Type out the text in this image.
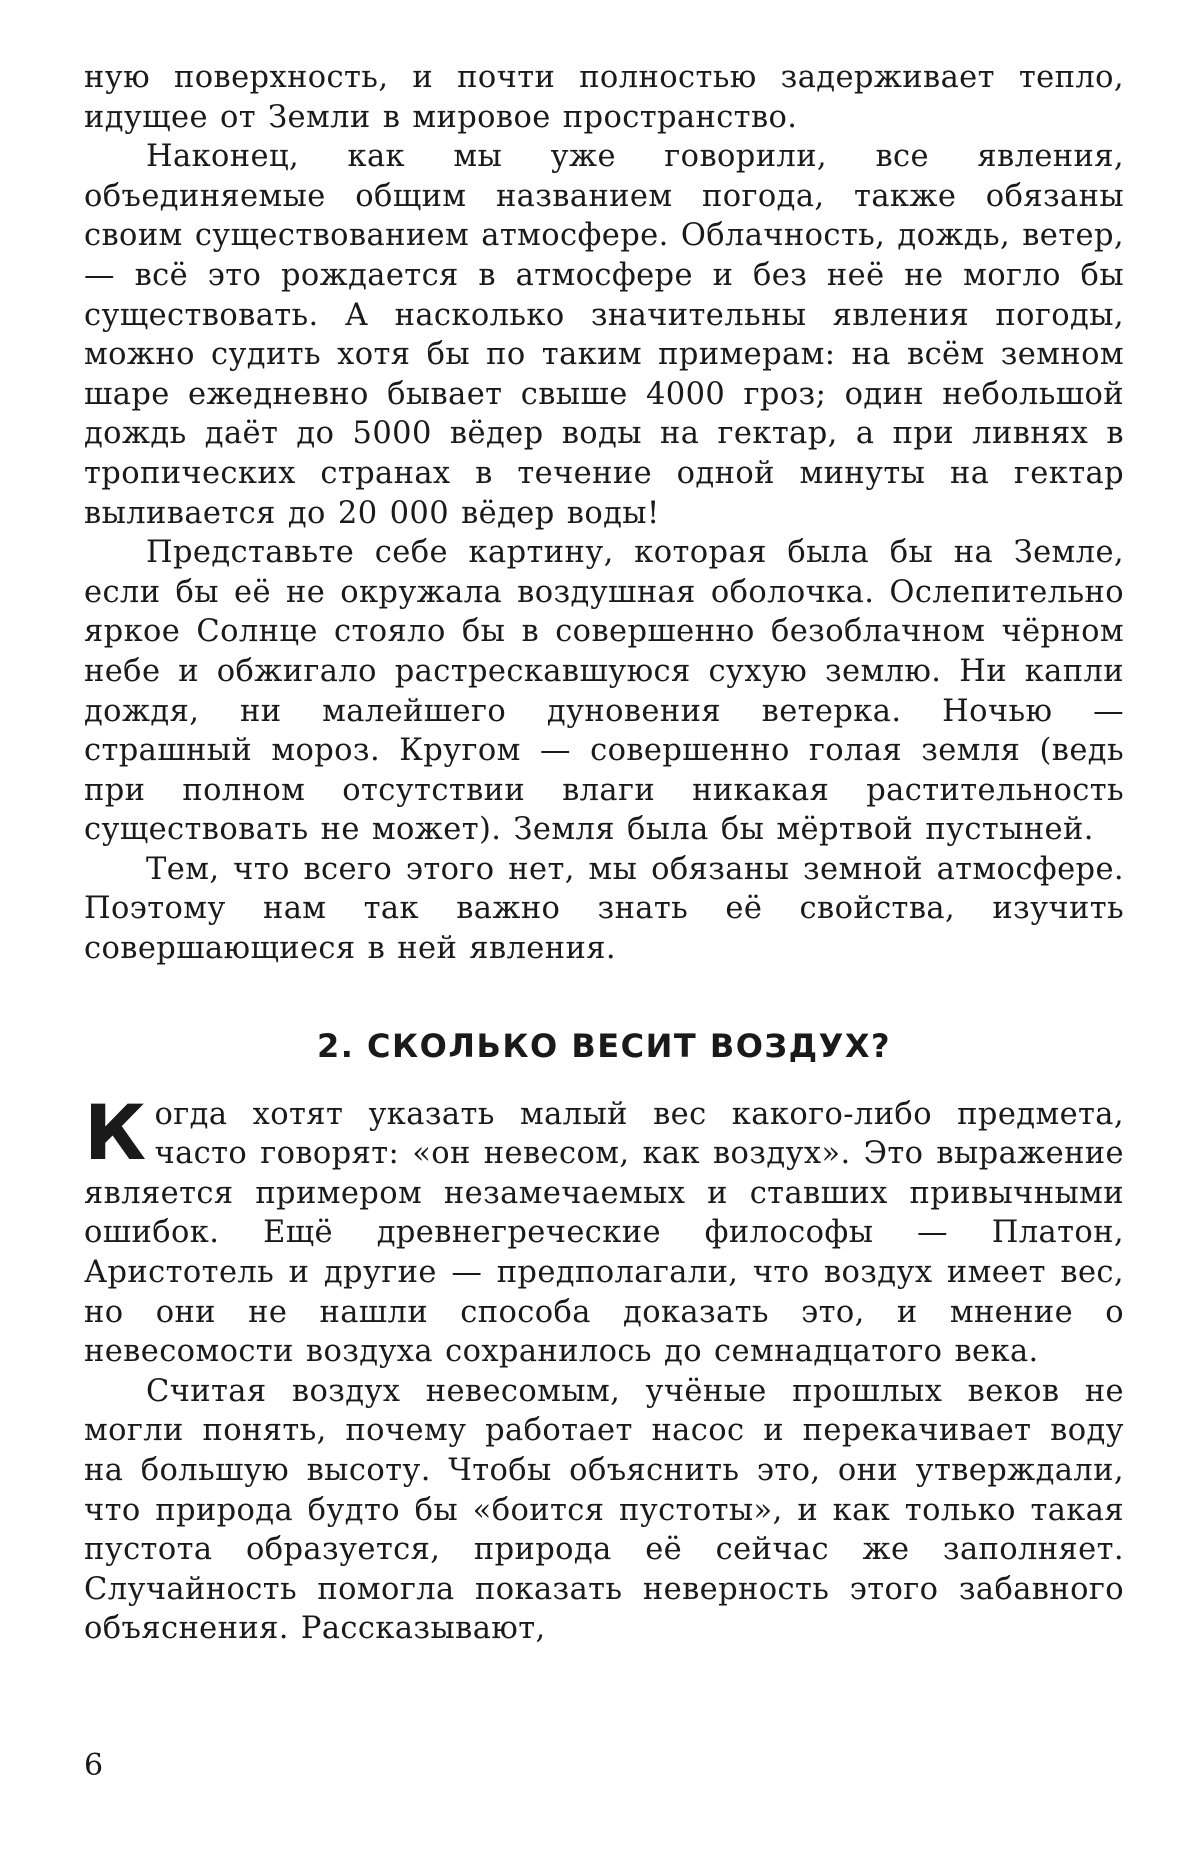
ную поверхность, и почти полностью задерживает тепло, идущее от Земли в мировое пространство.

Наконец, как мы уже говорили, все явления, объединяемые общим названием погода, также обязаны своим существованием атмосфере. Облачность, дождь, ветер, — всё это рождается в атмосфере и без неё не могло бы существовать. А насколько значительны явления погоды, можно судить хотя бы по таким примерам: на всём земном шаре ежедневно бывает свыше 4000 гроз; один небольшой дождь даёт до 5000 вёдер воды на гектар, а при ливнях в тропических странах в течение одной минуты на гектар выливается до 20 000 вёдер воды!

Представьте себе картину, которая была бы на Земле, если бы её не окружала воздушная оболочка. Ослепительно яркое Солнце стояло бы в совершенно безоблачном чёрном небе и обжигало растрескавшуюся сухую землю. Ни капли дождя, ни малейшего дуновения ветерка. Ночью — страшный мороз. Кругом — совершенно голая земля (ведь при полном отсутствии влаги никакая растительность существовать не может). Земля была бы мёртвой пустыней.

Тем, что всего этого нет, мы обязаны земной атмосфере. Поэтому нам так важно знать её свойства, изучить совершающиеся в ней явления.

2. СКОЛЬКО ВЕСИТ ВОЗДУХ?

Когда хотят указать малый вес какого-либо предмета, часто говорят: «он невесом, как воздух». Это выражение является примером незамечаемых и ставших привычными ошибок. Ещё древнегреческие философы — Платон, Аристотель и другие — предполагали, что воздух имеет вес, но они не нашли способа доказать это, и мнение о невесомости воздуха сохранилось до семнадцатого века.

Считая воздух невесомым, учёные прошлых веков не могли понять, почему работает насос и перекачивает воду на большую высоту. Чтобы объяснить это, они утверждали, что природа будто бы «боится пустоты», и как только такая пустота образуется, природа её сейчас же заполняет. Случайность помогла показать неверность этого забавного объяснения. Рассказывают,

6
